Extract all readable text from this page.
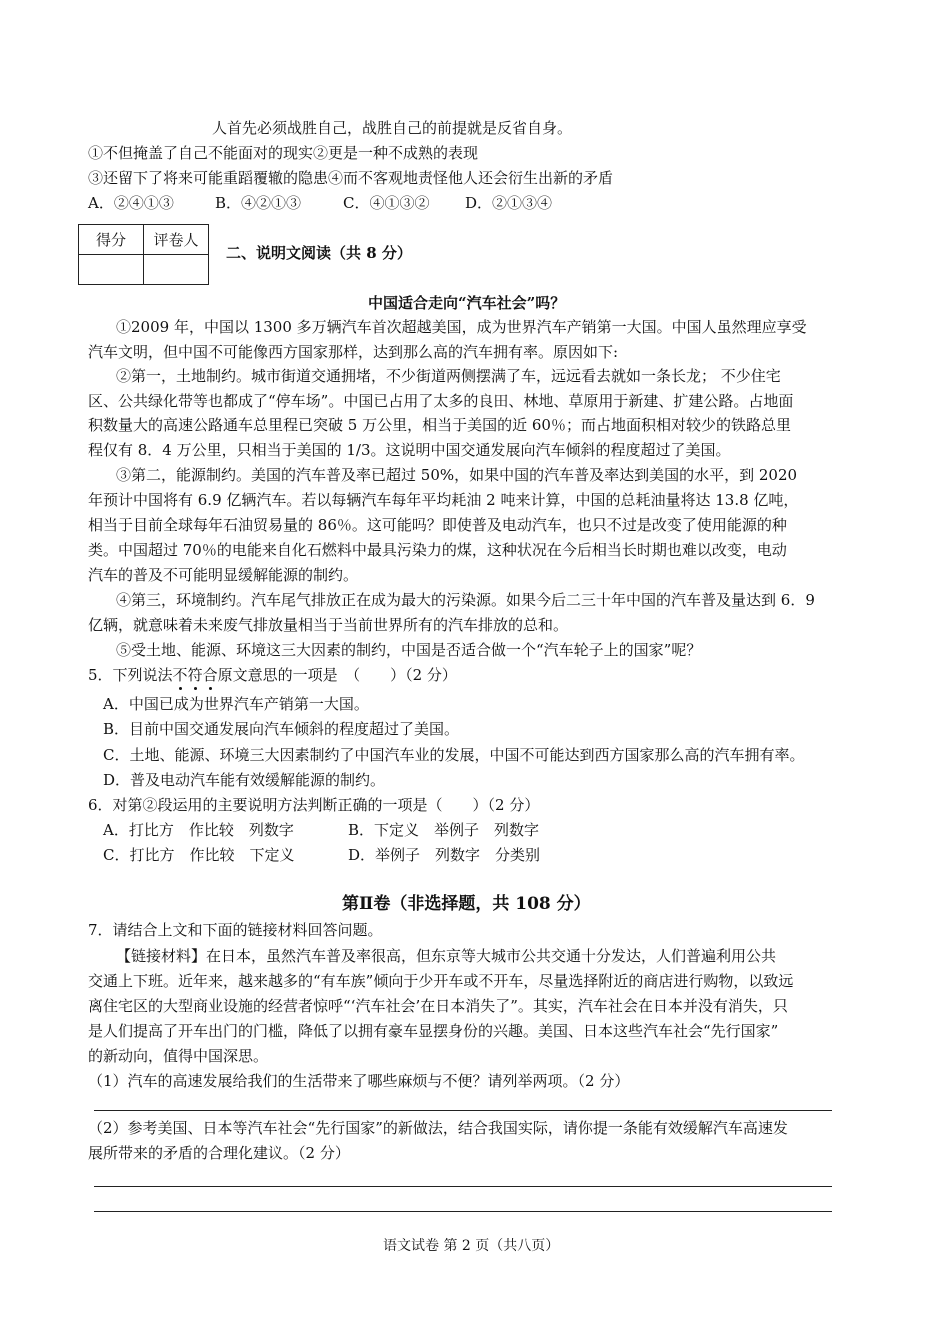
人首先必须战胜自己，战胜自己的前提就是反省自身。
①不但掩盖了自己不能面对的现实②更是一种不成熟的表现
③还留下了将来可能重蹈覆辙的隐患④而不客观地责怪他人还会衍生出新的矛盾
A．②④①③	B．④②①③	C．④①③② D．②①③④
得分	评卷人

二、说明文阅读（共 8 分）
中国适合走向“汽车社会”吗？
①2009 年，中国以 1300 多万辆汽车首次超越美国，成为世界汽车产销第一大国。中国人虽然理应享受
汽车文明，但中国不可能像西方国家那样，达到那么高的汽车拥有率。原因如下:
②第一，土地制约。城市街道交通拥堵，不少街道两侧摆满了车，远远看去就如一条长龙； 不少住宅
区、公共绿化带等也都成了“停车场”。中国已占用了太多的良田、林地、草原用于新建、扩建公路。占地面
积数量大的高速公路通车总里程已突破 5 万公里，相当于美国的近 60％；而占地面积相对较少的铁路总里
程仅有 8．4 万公里，只相当于美国的 1/3。这说明中国交通发展向汽车倾斜的程度超过了美国。
③第二，能源制约。美国的汽车普及率已超过 50%，如果中国的汽车普及率达到美国的水平，到 2020
年预计中国将有 6.9 亿辆汽车。若以每辆汽车每年平均耗油 2 吨来计算，中国的总耗油量将达 13.8 亿吨，
相当于目前全球每年石油贸易量的 86％。这可能吗？即使普及电动汽车，也只不过是改变了使用能源的种
类。中国超过 70％的电能来自化石燃料中最具污染力的煤，这种状况在今后相当长时期也难以改变，电动
汽车的普及不可能明显缓解能源的制约。
④第三，环境制约。汽车尾气排放正在成为最大的污染源。如果今后二三十年中国的汽车普及量达到 6．9
亿辆，就意味着未来废气排放量相当于当前世界所有的汽车排放的总和。
⑤受土地、能源、环境这三大因素的制约，中国是否适合做一个“汽车轮子上的国家”呢？
5．下列说法不
符合
原文意思的一项是　（　　）（2 分）
A．中国已成为世界汽车产销第一大国。
B．目前中国交通发展向汽车倾斜的程度超过了美国。
C．土地、能源、环境三大因素制约了中国汽车业的发展，中国不可能达到西方国家那么高的汽车拥有率。
D．普及电动汽车能有效缓解能源的制约。
6．对第②段运用的主要说明方法判断正确的一项是（　　）（2 分）
A．打比方　作比较　列数字	B．下定义　举例子　列数字
C．打比方　作比较　下定义	D．举例子　列数字　分类别
第Ⅱ卷（非选择题，共 108 分）
7．请结合上文和下面的链接材料回答问题。
【链接材料】在日本，虽然汽车普及率很高，但东京等大城市公共交通十分发达，人们普遍利用公共
交通上下班。近年来，越来越多的“有车族”倾向于少开车或不开车，尽量选择附近的商店进行购物，以致远
离住宅区的大型商业设施的经营者惊呼“‘汽车社会’在日本消失了”。其实，汽车社会在日本并没有消失，只
是人们提高了开车出门的门槛，降低了以拥有豪车显摆身份的兴趣。美国、日本这些汽车社会“先行国家”
的新动向，值得中国深思。
（1）汽车的高速发展给我们的生活带来了哪些麻烦与不便？请列举两项。（2 分）
（2）参考美国、日本等汽车社会“先行国家”的新做法，结合我国实际，请你提一条能有效缓解汽车高速发
展所带来的矛盾的合理化建议。（2 分）
语文试卷 第 2 页（共八页）
